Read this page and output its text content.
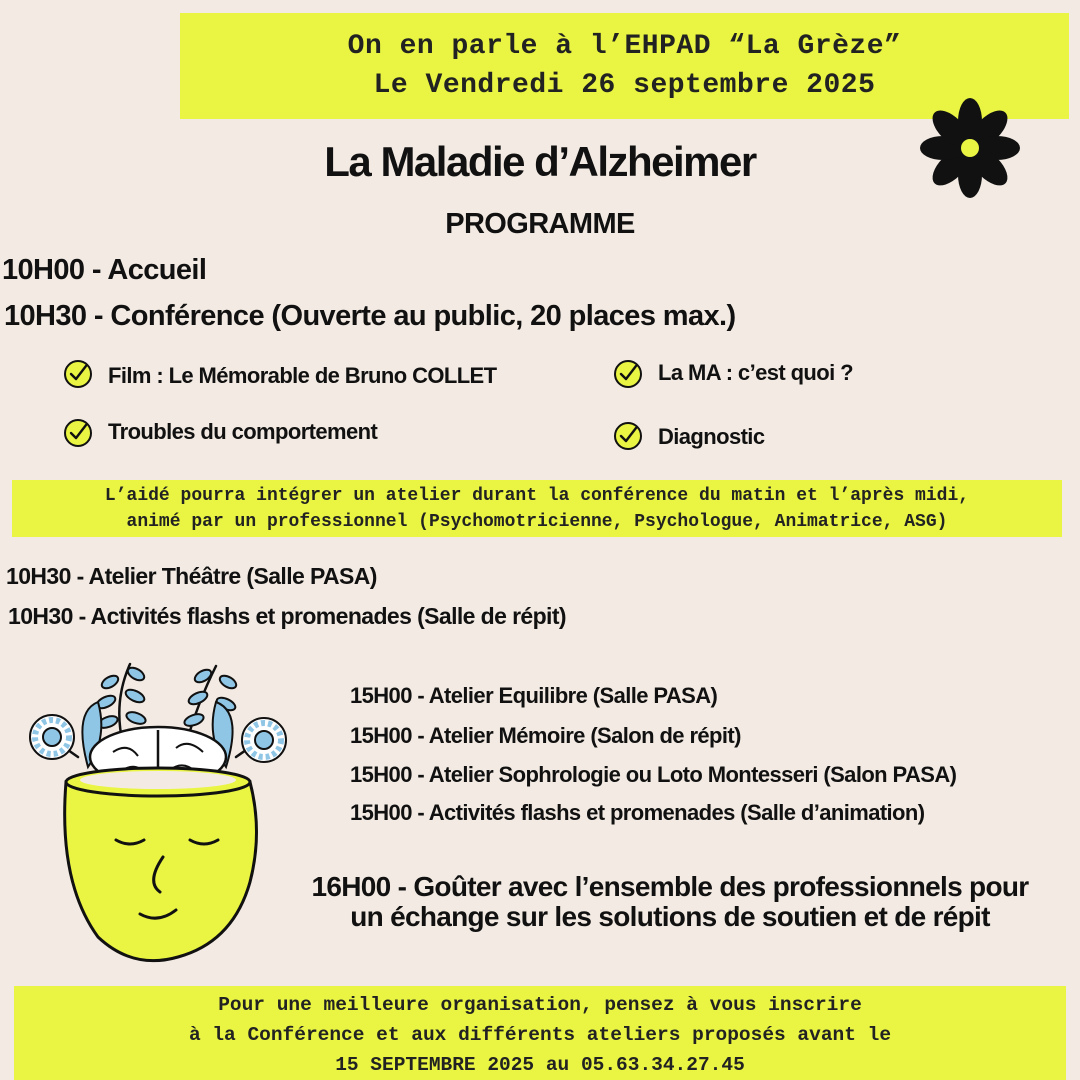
On en parle à l’EHPAD “La Grèze”
Le Vendredi 26 septembre 2025
La Maladie d’Alzheimer
PROGRAMME
10H00 - Accueil
10H30 - Conférence (Ouverte au public, 20 places max.)
Film : Le Mémorable de Bruno COLLET
Troubles du comportement
La MA : c’est quoi ?
Diagnostic
L’aidé pourra intégrer un atelier durant la conférence du matin et l’après midi,
animé par un professionnel (Psychomotricienne, Psychologue, Animatrice, ASG)
10H30 - Atelier Théâtre (Salle PASA)
10H30 - Activités flashs et promenades (Salle de répit)
15H00 - Atelier Equilibre (Salle PASA)
15H00 - Atelier Mémoire (Salon de répit)
15H00 - Atelier Sophrologie ou Loto Montesseri (Salon PASA)
15H00 - Activités flashs et promenades (Salle d’animation)
16H00 - Goûter avec l’ensemble des professionnels pour
un échange sur les solutions de soutien et de répit
Pour une meilleure organisation, pensez à vous inscrire
à la Conférence et aux différents ateliers proposés avant le
15 SEPTEMBRE 2025 au 05.63.34.27.45
